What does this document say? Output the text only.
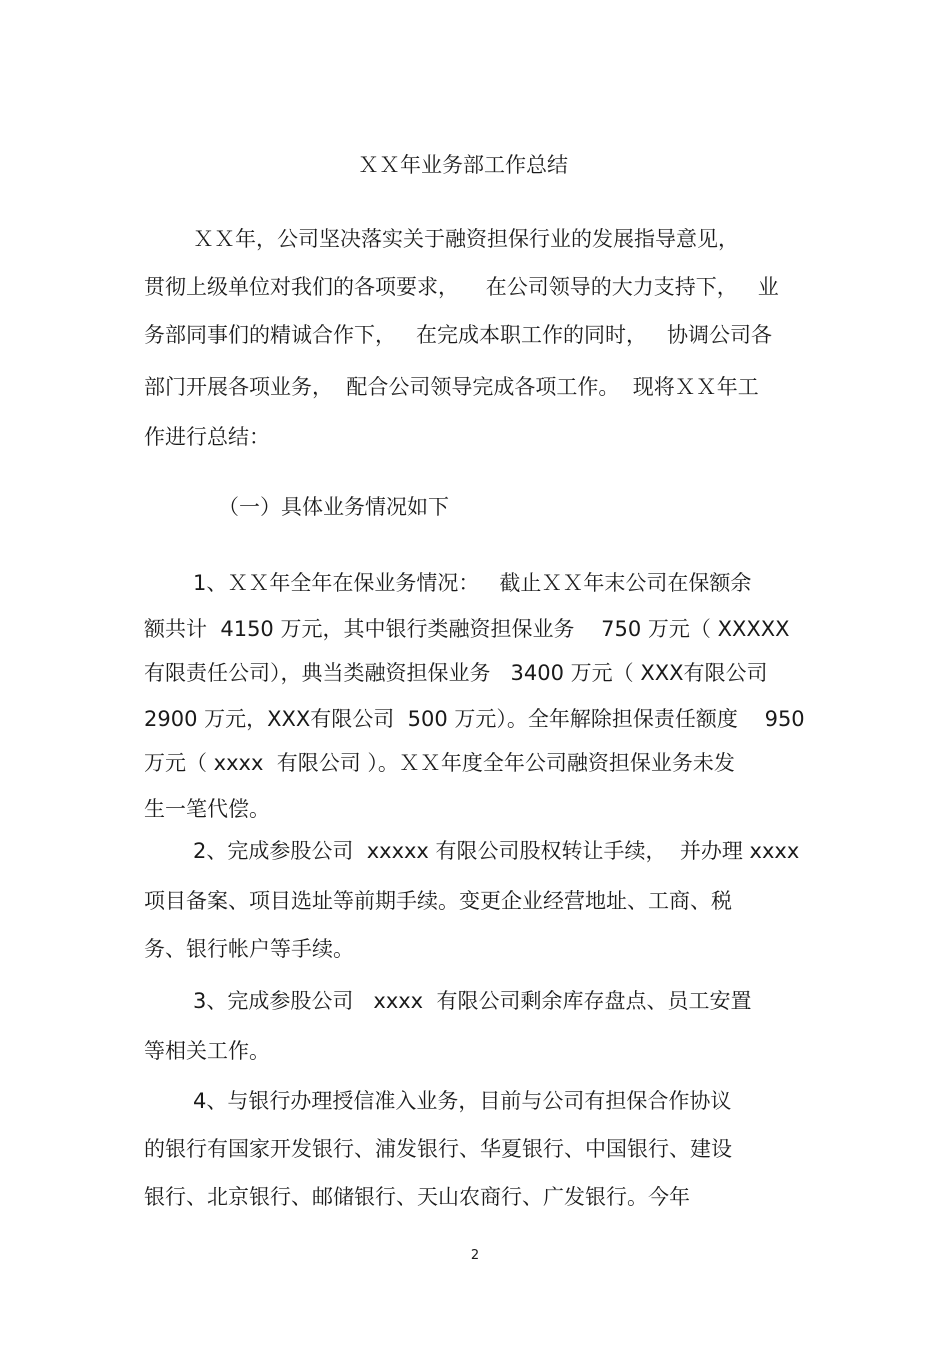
ＸＸ年业务部工作总结

ＸＸ年，公司坚决落实关于融资担保行业的发展指导意见，

贯彻上级单位对我们的各项要求，    在公司领导的大力支持下，   业

务部同事们的精诚合作下，   在完成本职工作的同时，   协调公司各

部门开展各项业务，  配合公司领导完成各项工作。  现将ＸＸ年工

作进行总结：

（一）具体业务情况如下

1、ＸＸ年全年在保业务情况：   截止ＸＸ年末公司在保额余

额共计  4150 万元，其中银行类融资担保业务    750 万元（ XXXXX

有限责任公司），典当类融资担保业务   3400 万元（ XXX有限公司

2900 万元，XXX有限公司  500 万元）。全年解除担保责任额度    950

万元（ xxxx  有限公司 ）。ＸＸ年度全年公司融资担保业务未发

生一笔代偿。

2、完成参股公司  xxxxx 有限公司股权转让手续，  并办理 xxxx

项目备案、项目选址等前期手续。变更企业经营地址、工商、税

务、银行帐户等手续。

3、完成参股公司   xxxx  有限公司剩余库存盘点、员工安置

等相关工作。

4、与银行办理授信准入业务，目前与公司有担保合作协议

的银行有国家开发银行、浦发银行、华夏银行、中国银行、建设

银行、北京银行、邮储银行、天山农商行、广发银行。今年

2
